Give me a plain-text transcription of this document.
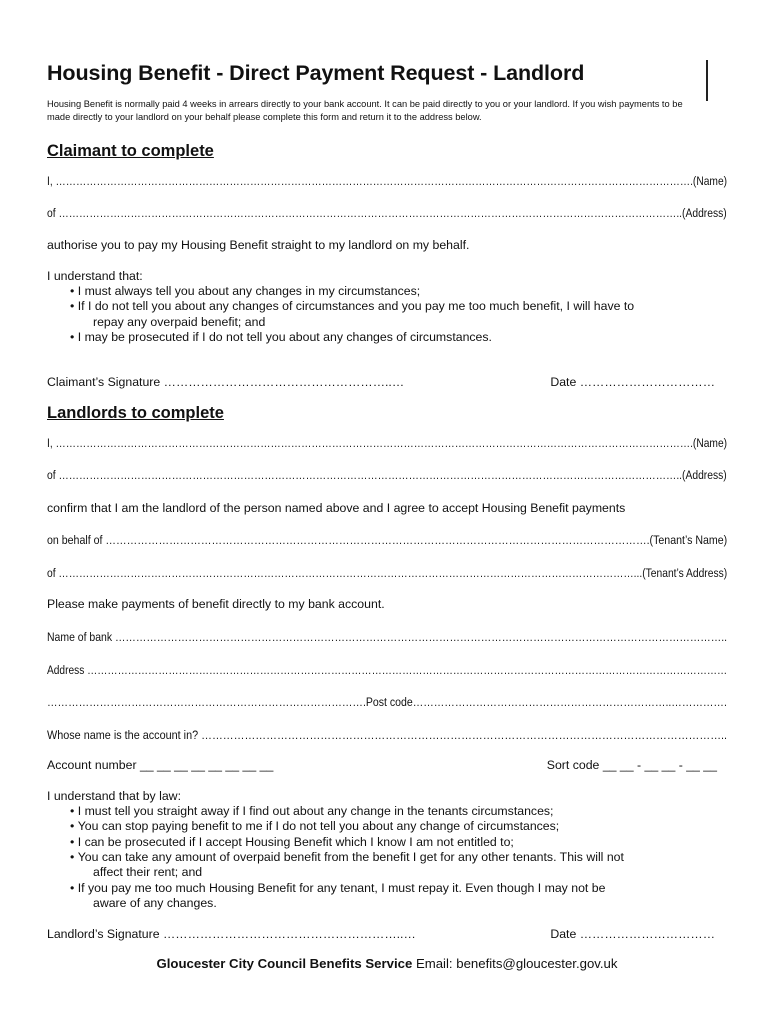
Housing Benefit - Direct Payment Request - Landlord
Housing Benefit is normally paid 4 weeks in arrears directly to your bank account. It can be paid directly to you or your landlord. If you wish payments to be made directly to your landlord on your behalf please complete this form and return it to the address below.
Claimant to complete
I, …………………………………………………………………………………………………………………………………………………………………….(Name)
of ………………………………………………………………………………………………………………………………………………………………..(Address)
authorise you to pay my Housing Benefit straight to my landlord on my behalf.
I understand that:
• I must always tell you about any changes in my circumstances;
• If I do not tell you about any changes of circumstances and you pay me too much benefit, I will have to
repay any overpaid benefit; and
• I may be prosecuted if I do not tell you about any changes of circumstances.
Claimant’s Signature ………………………………………………..…	Date ……………………………
Landlords to complete
I, …………………………………………………………………………………………………………………………………………………………………….(Name)
of ………………………………………………………………………………………………………………………………………………………………..(Address)
confirm that I am the landlord of the person named above and I agree to accept Housing Benefit payments
on behalf of ……………………………………………………………………………………………………………………………………….(Tenant’s Name)
of ……………………………………………………………………………………………………………………………………………………...(Tenant’s Address)
Please make payments of benefit directly to my bank account.
Name of bank …………………………………………………………………………………………………………………………………………………………..
Address ………………………………………………………………………………………………………………………………………………………………………
……………………………………………………………………………….Post code………………………………………………………………..…………….
Whose name is the account in? ………………………………………………………………………………………………………………………………..
Account number __ __ __ __ __ __ __ __	Sort code __ __ - __ __ - __ __
I understand that by law:
• I must tell you straight away if I find out about any change in the tenants circumstances;
• You can stop paying benefit to me if I do not tell you about any change of circumstances;
• I can be prosecuted if I accept Housing Benefit which I know I am not entitled to;
• You can take any amount of overpaid benefit from the benefit I get for any other tenants. This will not
affect their rent; and
• If you pay me too much Housing Benefit for any tenant, I must repay it. Even though I may not be
aware of any changes.
Landlord’s Signature …………………………………………………..…	Date ……………………………
Gloucester City Council Benefits Service Email: benefits@gloucester.gov.uk
